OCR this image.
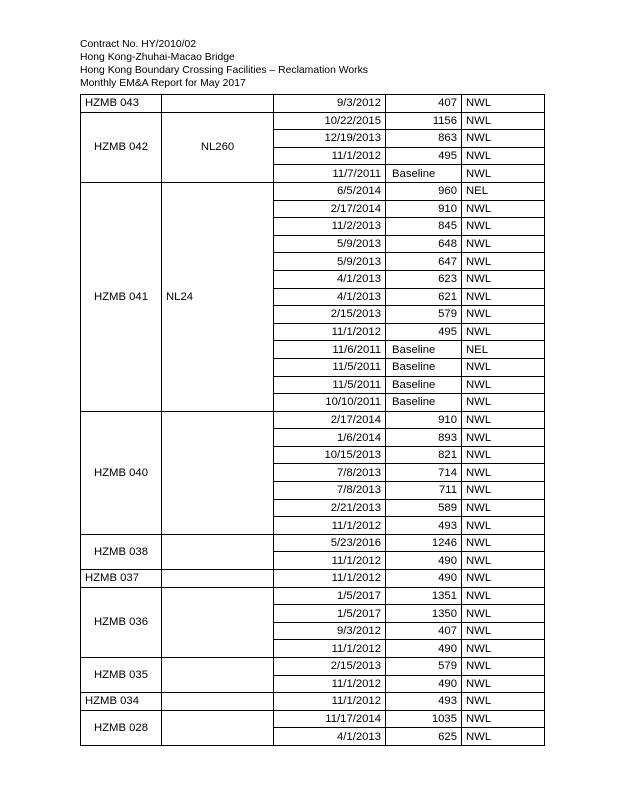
Contract No. HY/2010/02
Hong Kong-Zhuhai-Macao Bridge
Hong Kong Boundary Crossing Facilities – Reclamation Works
Monthly EM&A Report for May 2017
HZMB 043		9/3/2012	407	NWL
HZMB 042	NL260	10/22/2015	1156	NWL
		12/19/2013	863	NWL
		11/1/2012	495	NWL
		11/7/2011	Baseline	NWL
HZMB 041	NL24	6/5/2014	960	NEL
		2/17/2014	910	NWL
		11/2/2013	845	NWL
		5/9/2013	648	NWL
		5/9/2013	647	NWL
		4/1/2013	623	NWL
		4/1/2013	621	NWL
		2/15/2013	579	NWL
		11/1/2012	495	NWL
		11/6/2011	Baseline	NEL
		11/5/2011	Baseline	NWL
		11/5/2011	Baseline	NWL
		10/10/2011	Baseline	NWL
HZMB 040		2/17/2014	910	NWL
		1/6/2014	893	NWL
		10/15/2013	821	NWL
		7/8/2013	714	NWL
		7/8/2013	711	NWL
		2/21/2013	589	NWL
		11/1/2012	493	NWL
HZMB 038		5/23/2016	1246	NWL
		11/1/2012	490	NWL
HZMB 037		11/1/2012	490	NWL
HZMB 036		1/5/2017	1351	NWL
		1/5/2017	1350	NWL
		9/3/2012	407	NWL
		11/1/2012	490	NWL
HZMB 035		2/15/2013	579	NWL
		11/1/2012	490	NWL
HZMB 034		11/1/2012	493	NWL
HZMB 028		11/17/2014	1035	NWL
		4/1/2013	625	NWL
